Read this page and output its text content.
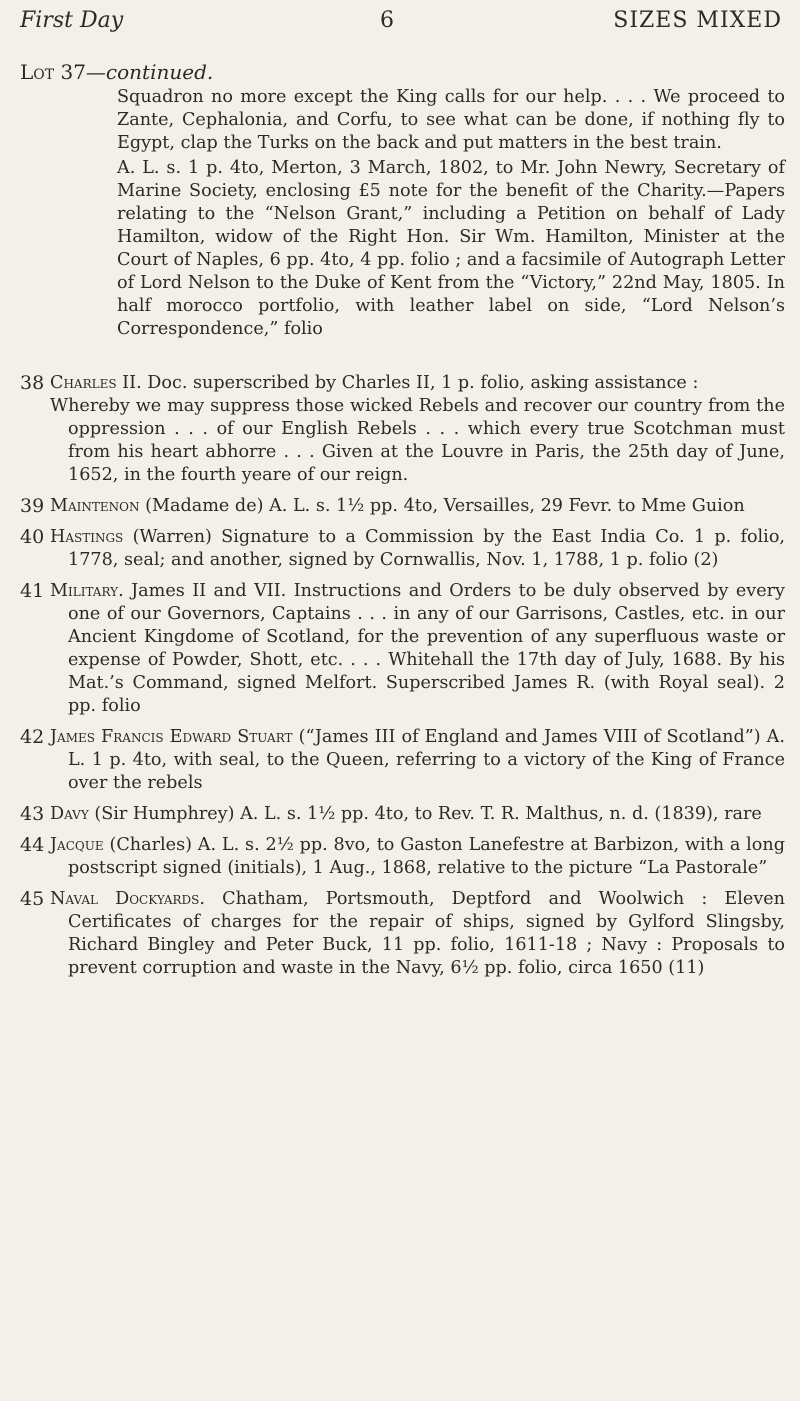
First Day	6	SIZES MIXED
Lot 37—continued.

Squadron no more except the King calls for our help. . . . We proceed to Zante, Cephalonia, and Corfu, to see what can be done, if nothing fly to Egypt, clap the Turks on the back and put matters in the best train.

A. L. s. 1 p. 4to, Merton, 3 March, 1802, to Mr. John Newry, Secretary of Marine Society, enclosing £5 note for the benefit of the Charity.—Papers relating to the “Nelson Grant,” including a Petition on behalf of Lady Hamilton, widow of the Right Hon. Sir Wm. Hamilton, Minister at the Court of Naples, 6 pp. 4to, 4 pp. folio ; and a facsimile of Autograph Letter of Lord Nelson to the Duke of Kent from the “Victory,” 22nd May, 1805. In half morocco portfolio, with leather label on side, “Lord Nelson’s Correspondence,” folio

38 Charles II. Doc. superscribed by Charles II, 1 p. folio, asking assistance :
Whereby we may suppress those wicked Rebels and recover our country from the oppression . . . of our English Rebels . . . which every true Scotchman must from his heart abhorre . . . Given at the Louvre in Paris, the 25th day of June, 1652, in the fourth yeare of our reign.
39 Maintenon (Madame de) A. L. s. 1½ pp. 4to, Versailles, 29 Fevr. to Mme Guion
40 Hastings (Warren) Signature to a Commission by the East India Co. 1 p. folio, 1778, seal; and another, signed by Cornwallis, Nov. 1, 1788, 1 p. folio (2)
41 Military. James II and VII. Instructions and Orders to be duly observed by every one of our Governors, Captains . . . in any of our Garrisons, Castles, etc. in our Ancient Kingdome of Scotland, for the prevention of any superfluous waste or expense of Powder, Shott, etc. . . . Whitehall the 17th day of July, 1688. By his Mat.’s Command, signed Melfort. Superscribed James R. (with Royal seal). 2 pp. folio
42 James Francis Edward Stuart (“James III of England and James VIII of Scotland”) A. L. 1 p. 4to, with seal, to the Queen, referring to a victory of the King of France over the rebels
43 Davy (Sir Humphrey) A. L. s. 1½ pp. 4to, to Rev. T. R. Malthus, n. d. (1839), rare
44 Jacque (Charles) A. L. s. 2½ pp. 8vo, to Gaston Lanefestre at Barbizon, with a long postscript signed (initials), 1 Aug., 1868, relative to the picture “La Pastorale”
45 Naval Dockyards. Chatham, Portsmouth, Deptford and Woolwich : Eleven Certificates of charges for the repair of ships, signed by Gylford Slingsby, Richard Bingley and Peter Buck, 11 pp. folio, 1611-18 ; Navy : Proposals to prevent corruption and waste in the Navy, 6½ pp. folio, circa 1650 (11)
